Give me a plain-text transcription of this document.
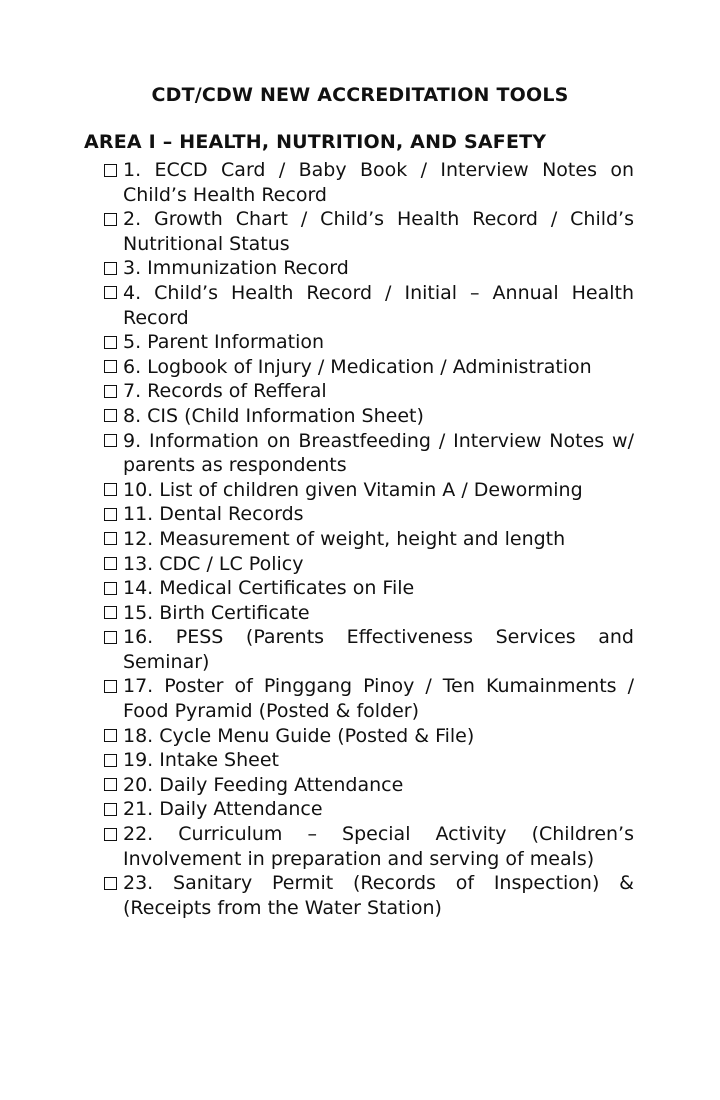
CDT/CDW NEW ACCREDITATION TOOLS
AREA I – HEALTH, NUTRITION, AND SAFETY
1. ECCD Card / Baby Book / Interview Notes on Child’s Health Record
2. Growth Chart / Child’s Health Record / Child’s Nutritional Status
3. Immunization Record
4. Child’s Health Record / Initial – Annual Health Record
5. Parent Information
6. Logbook of Injury / Medication / Administration
7. Records of Refferal
8. CIS (Child Information Sheet)
9. Information on Breastfeeding / Interview Notes w/ parents as respondents
10. List of children given Vitamin A / Deworming
11. Dental Records
12. Measurement of weight, height and length
13. CDC / LC Policy
14. Medical Certificates on File
15. Birth Certificate
16. PESS (Parents Effectiveness Services and Seminar)
17. Poster of Pinggang Pinoy / Ten Kumainments / Food Pyramid (Posted & folder)
18. Cycle Menu Guide (Posted & File)
19. Intake Sheet
20. Daily Feeding Attendance
21. Daily Attendance
22. Curriculum – Special Activity (Children’s Involvement in preparation and serving of meals)
23. Sanitary Permit (Records of Inspection) & (Receipts from the Water Station)
